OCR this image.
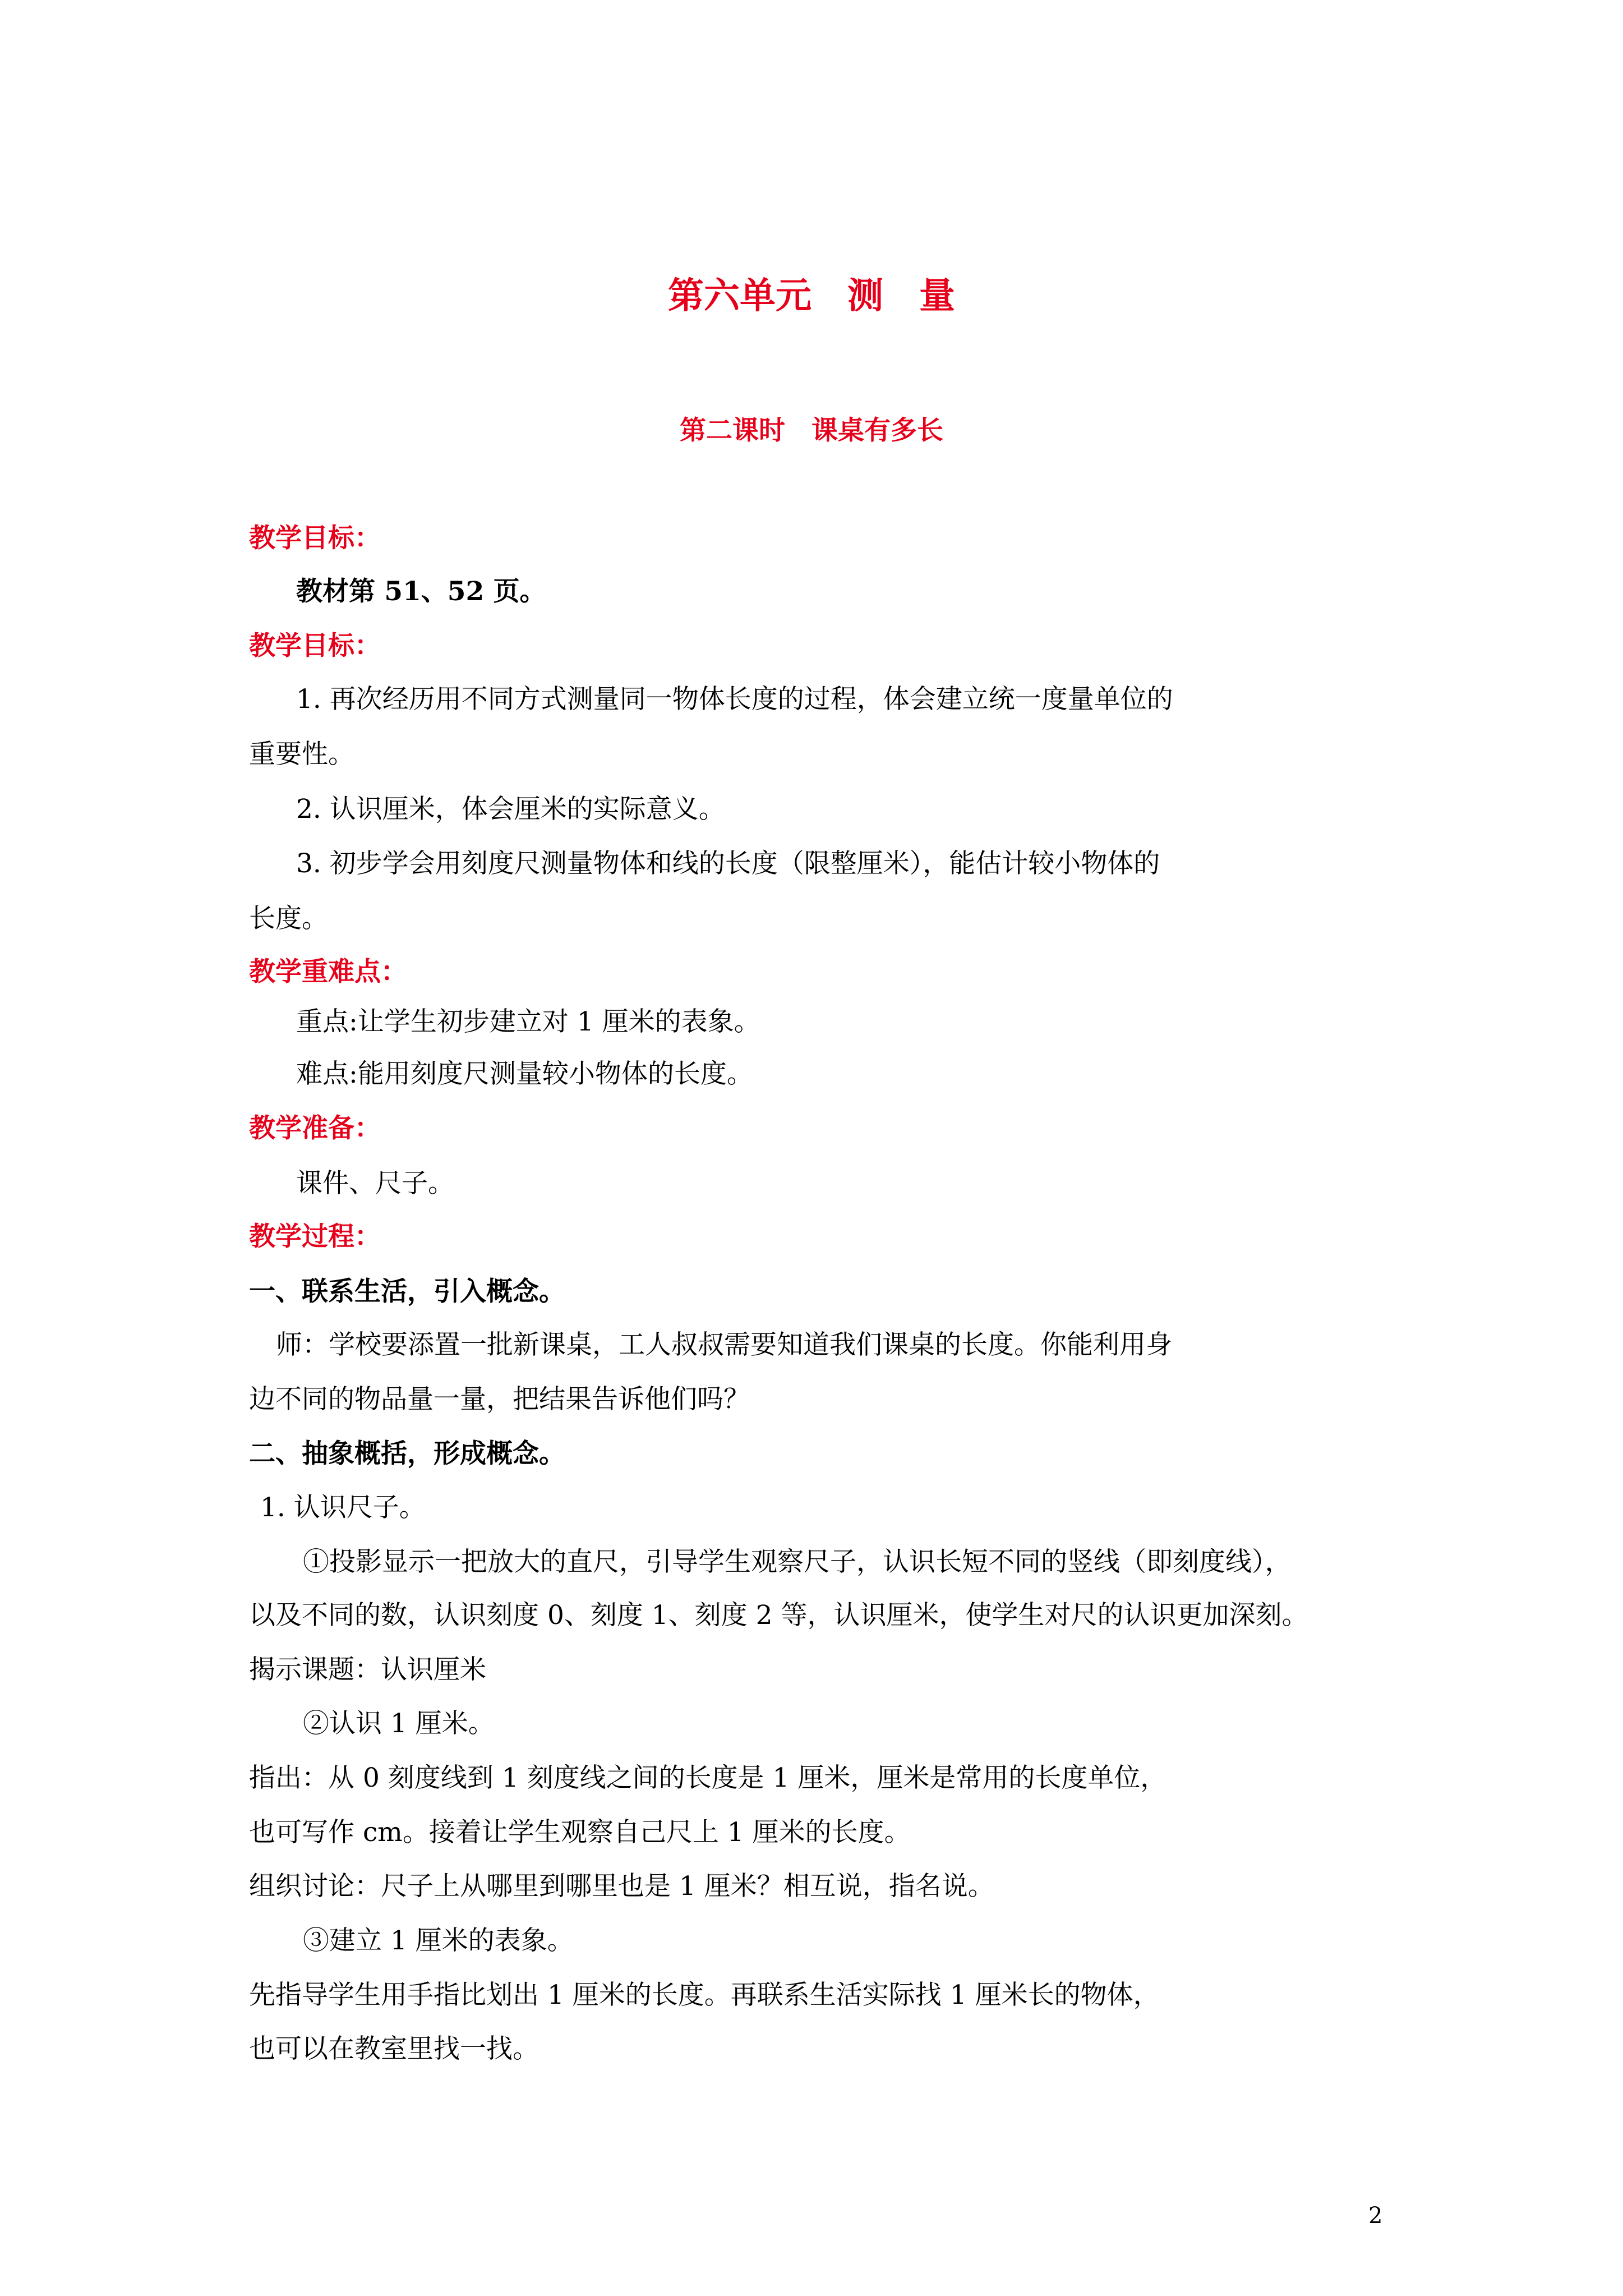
第六单元　测　量
第二课时　课桌有多长
教学目标：
教材第 51、52 页。
教学目标：
1. 再次经历用不同方式测量同一物体长度的过程，体会建立统一度量单位的
重要性。
2. 认识厘米，体会厘米的实际意义。
3. 初步学会用刻度尺测量物体和线的长度（限整厘米），能估计较小物体的
长度。
教学重难点：
重点:让学生初步建立对 1 厘米的表象。
难点:能用刻度尺测量较小物体的长度。
教学准备：
课件、尺子。
教学过程：
一、联系生活，引入概念。
师：学校要添置一批新课桌，工人叔叔需要知道我们课桌的长度。你能利用身
边不同的物品量一量，把结果告诉他们吗？
二、抽象概括，形成概念。
1. 认识尺子。
①投影显示一把放大的直尺，引导学生观察尺子，认识长短不同的竖线（即刻度线），
以及不同的数，认识刻度 0、刻度 1、刻度 2 等，认识厘米，使学生对尺的认识更加深刻。
揭示课题：认识厘米
②认识 1 厘米。
指出：从 0 刻度线到 1 刻度线之间的长度是 1 厘米，厘米是常用的长度单位，
也可写作 cm。接着让学生观察自己尺上 1 厘米的长度。
组织讨论：尺子上从哪里到哪里也是 1 厘米？相互说，指名说。
③建立 1 厘米的表象。
先指导学生用手指比划出 1 厘米的长度。再联系生活实际找 1 厘米长的物体，
也可以在教室里找一找。
2
